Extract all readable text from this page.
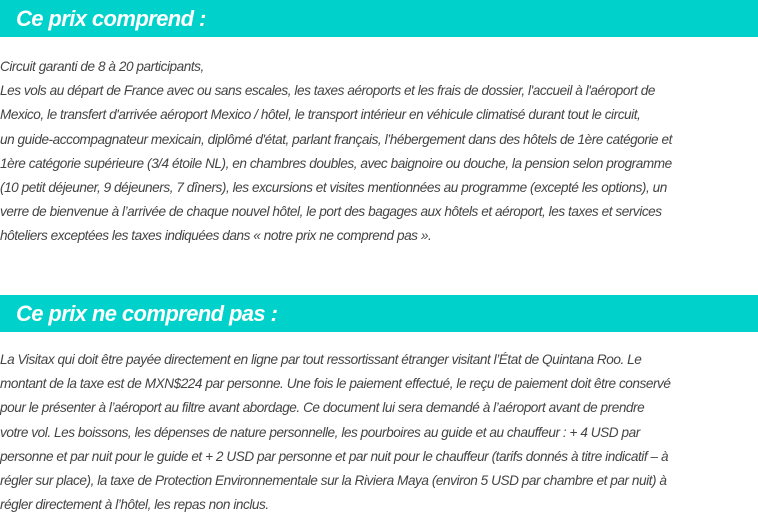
Ce prix comprend :
Circuit garanti de 8 à 20 participants,
Les vols au départ de France avec ou sans escales, les taxes aéroports et les frais de dossier, l'accueil à l'aéroport de
Mexico, le transfert d'arrivée aéroport Mexico / hôtel, le transport intérieur en véhicule climatisé durant tout le circuit,
un guide-accompagnateur mexicain, diplômé d'état, parlant français, l’hébergement dans des hôtels de 1ère catégorie et
1ère catégorie supérieure (3/4 étoile NL), en chambres doubles, avec baignoire ou douche, la pension selon programme
(10 petit déjeuner, 9 déjeuners, 7 dîners), les excursions et visites mentionnées au programme (excepté les options), un
verre de bienvenue à l’arrivée de chaque nouvel hôtel, le port des bagages aux hôtels et aéroport, les taxes et services
hôteliers exceptées les taxes indiquées dans « notre prix ne comprend pas ».
Ce prix ne comprend pas :
La Visitax qui doit être payée directement en ligne par tout ressortissant étranger visitant l’État de Quintana Roo. Le
montant de la taxe est de MXN$224 par personne. Une fois le paiement effectué, le reçu de paiement doit être conservé
pour le présenter à l’aéroport au filtre avant abordage. Ce document lui sera demandé à l’aéroport avant de prendre
votre vol. Les boissons, les dépenses de nature personnelle, les pourboires au guide et au chauffeur : + 4 USD par
personne et par nuit pour le guide et + 2 USD par personne et par nuit pour le chauffeur (tarifs donnés à titre indicatif – à
régler sur place), la taxe de Protection Environnementale sur la Riviera Maya (environ 5 USD par chambre et par nuit) à
régler directement à l’hôtel, les repas non inclus.
